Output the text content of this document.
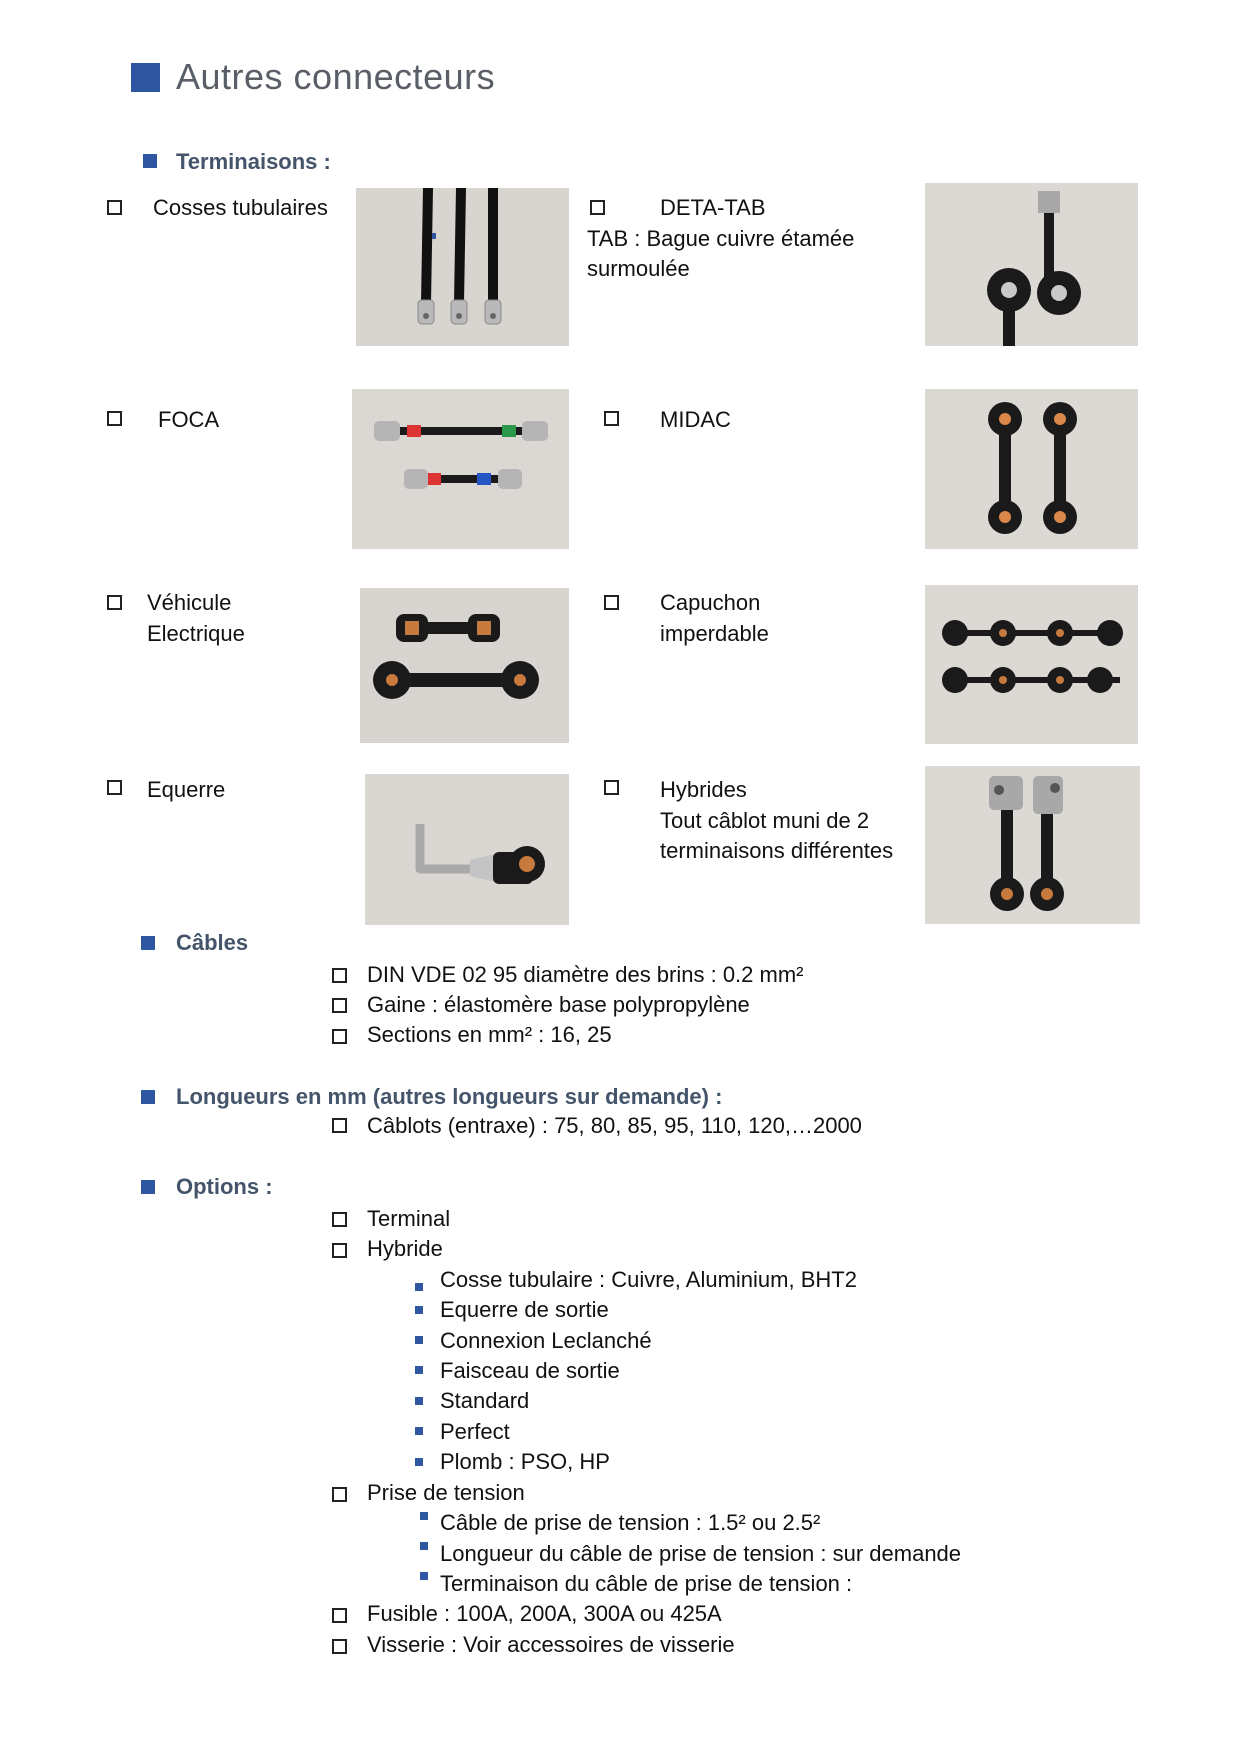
Autres connecteurs
Terminaisons :
Cosses tubulaires	DETA-TAB
TAB : Bague cuivre étamée
surmoulée
FOCA	MIDAC
Véhicule
Electrique
Capuchon
imperdable
Equerre	Hybrides
Tout câblot muni de 2
terminaisons différentes
Câbles
DIN VDE 02 95 diamètre des brins : 0.2 mm²
Gaine : élastomère base polypropylène
Sections en mm² : 16, 25
Longueurs en mm (autres longueurs sur demande) :
Câblots (entraxe) : 75, 80, 85, 95, 110, 120,…2000
Options :
Terminal
Hybride
Cosse tubulaire : Cuivre, Aluminium, BHT2
Equerre de sortie
Connexion Leclanché
Faisceau de sortie
Standard
Perfect
Plomb : PSO, HP
Prise de tension
Câble de prise de tension : 1.5² ou 2.5²
Longueur du câble de prise de tension : sur demande
Terminaison du câble de prise de tension :
Fusible : 100A, 200A, 300A ou 425A
Visserie : Voir accessoires de visserie
